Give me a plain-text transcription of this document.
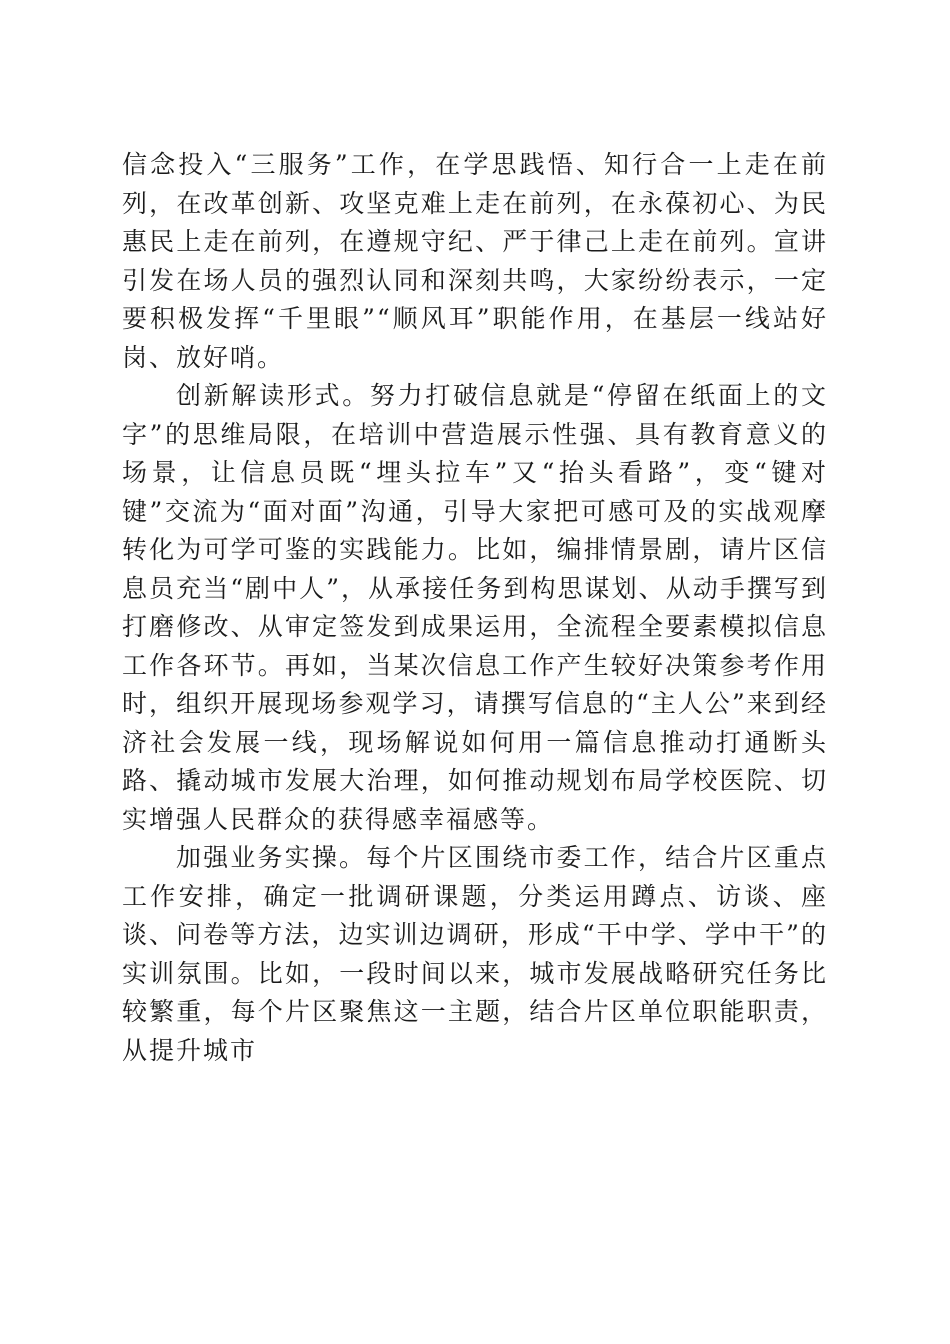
信念投入“三服务”工作，在学思践悟、知行合一上走在前列，在改革创新、攻坚克难上走在前列，在永葆初心、为民惠民上走在前列，在遵规守纪、严于律己上走在前列。宣讲引发在场人员的强烈认同和深刻共鸣，大家纷纷表示，一定要积极发挥“千里眼”“顺风耳”职能作用，在基层一线站好岗、放好哨。

创新解读形式。努力打破信息就是“停留在纸面上的文字”的思维局限，在培训中营造展示性强、具有教育意义的场景，让信息员既“埋头拉车”又“抬头看路”，变“键对键”交流为“面对面”沟通，引导大家把可感可及的实战观摩转化为可学可鉴的实践能力。比如，编排情景剧，请片区信息员充当“剧中人”，从承接任务到构思谋划、从动手撰写到打磨修改、从审定签发到成果运用，全流程全要素模拟信息工作各环节。再如，当某次信息工作产生较好决策参考作用时，组织开展现场参观学习，请撰写信息的“主人公”来到经济社会发展一线，现场解说如何用一篇信息推动打通断头路、撬动城市发展大治理，如何推动规划布局学校医院、切实增强人民群众的获得感幸福感等。

加强业务实操。每个片区围绕市委工作，结合片区重点工作安排，确定一批调研课题，分类运用蹲点、访谈、座谈、问卷等方法，边实训边调研，形成“干中学、学中干”的实训氛围。比如，一段时间以来，城市发展战略研究任务比较繁重，每个片区聚焦这一主题，结合片区单位职能职责，从提升城市
